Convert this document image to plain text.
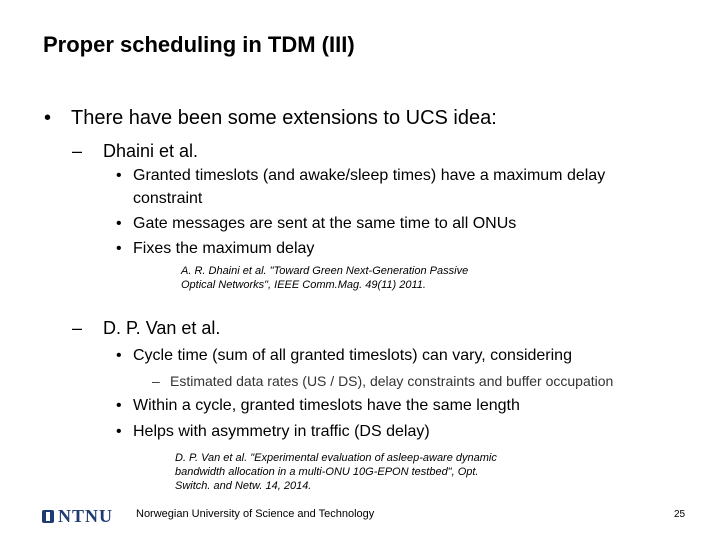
Proper scheduling in TDM (III)
• There have been some extensions to UCS idea:
– Dhaini et al.
• Granted timeslots (and awake/sleep times) have a maximum delay
constraint
• Gate messages are sent at the same time to all ONUs
• Fixes the maximum delay
A. R. Dhaini et al. "Toward Green Next-Generation Passive
Optical Networks", IEEE Comm.Mag. 49(11) 2011.
– D. P. Van et al.
• Cycle time (sum of all granted timeslots) can vary, considering
– Estimated data rates (US / DS), delay constraints and buffer occupation
• Within a cycle, granted timeslots have the same length
• Helps with asymmetry in traffic (DS delay)
D. P. Van et al. "Experimental evaluation of asleep-aware dynamic
bandwidth allocation in a multi-ONU 10G-EPON testbed", Opt.
Switch. and Netw. 14, 2014.
NTNU Norwegian University of Science and Technology	25
